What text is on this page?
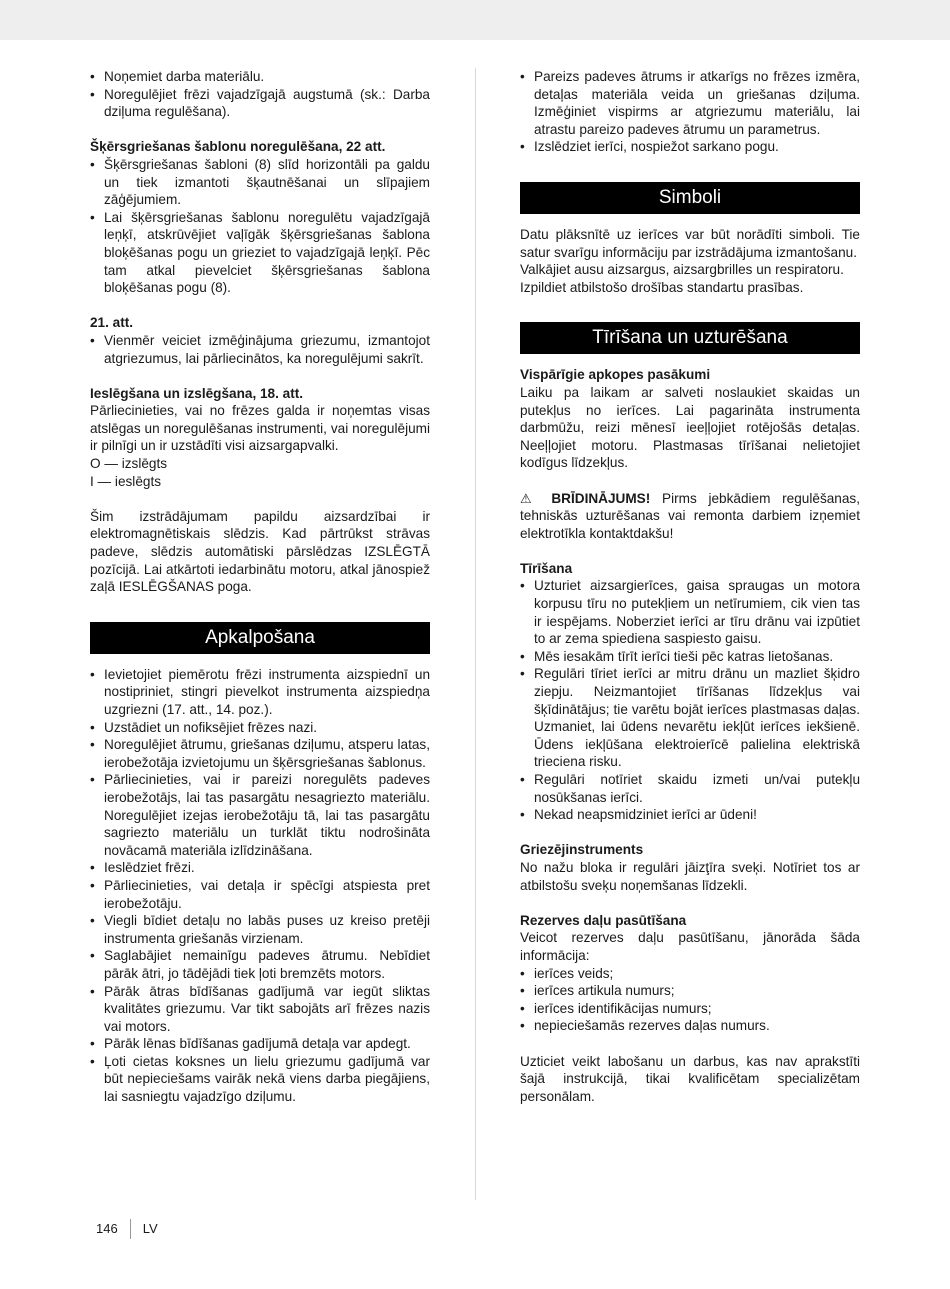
• Noņemiet darba materiālu.
• Noregulējiet frēzi vajadzīgajā augstumā (sk.: Darba dziļuma regulēšana).

Šķērsgriešanas šablonu noregulēšana, 22 att.

• Šķērsgriešanas šabloni (8) slīd horizontāli pa galdu un tiek izmantoti šķautnēšanai un slīpajiem zāģējumiem.
• Lai šķērsgriešanas šablonu noregulētu vajadzīgajā leņķī, atskrūvējiet vaļīgāk šķērsgriešanas šablona bloķēšanas pogu un grieziet to vajadzīgajā leņķī. Pēc tam atkal pievelciet šķērsgriešanas šablona bloķēšanas pogu (8).

21. att.

• Vienmēr veiciet izmēģinājuma griezumu, izmantojot atgriezumus, lai pārliecinātos, ka noregulējumi sakrīt.

Ieslēgšana un izslēgšana, 18. att.

Pārliecinieties, vai no frēzes galda ir noņemtas visas atslēgas un noregulēšanas instrumenti, vai noregulējumi ir pilnīgi un ir uzstādīti visi aizsargapvalki.

O — izslēgts

I — ieslēgts

Šim izstrādājumam papildu aizsardzībai ir elektromagnētiskais slēdzis. Kad pārtrūkst strāvas padeve, slēdzis automātiski pārslēdzas IZSLĒGTĀ pozīcijā. Lai atkārtoti iedarbinātu motoru, atkal jānospiež zaļā IESLĒGŠANAS poga.

Apkalpošana
• Ievietojiet piemērotu frēzi instrumenta aizspiednī un nostipriniet, stingri pievelkot instrumenta aizspiedņa uzgriezni (17. att., 14. poz.).
• Uzstādiet un nofiksējiet frēzes nazi.
• Noregulējiet ātrumu, griešanas dziļumu, atsperu latas, ierobežotāja izvietojumu un šķērsgriešanas šablonus.
• Pārliecinieties, vai ir pareizi noregulēts padeves ierobežotājs, lai tas pasargātu nesagriezto materiālu. Noregulējiet izejas ierobežotāju tā, lai tas pasargātu sagriezto materiālu un turklāt tiktu nodrošināta novācamā materiāla izlīdzināšana.
• Ieslēdziet frēzi.
• Pārliecinieties, vai detaļa ir spēcīgi atspiesta pret ierobežotāju.
• Viegli bīdiet detaļu no labās puses uz kreiso pretēji instrumenta griešanās virzienam.
• Saglabājiet nemainīgu padeves ātrumu. Nebīdiet pārāk ātri, jo tādējādi tiek ļoti bremzēts motors.
• Pārāk ātras bīdīšanas gadījumā var iegūt sliktas kvalitātes griezumu. Var tikt sabojāts arī frēzes nazis vai motors.
• Pārāk lēnas bīdīšanas gadījumā detaļa var apdegt.
• Ļoti cietas koksnes un lielu griezumu gadījumā var būt nepieciešams vairāk nekā viens darba piegājiens, lai sasniegtu vajadzīgo dziļumu.
• Pareizs padeves ātrums ir atkarīgs no frēzes izmēra, detaļas materiāla veida un griešanas dziļuma. Izmēģiniet vispirms ar atgriezumu materiālu, lai atrastu pareizo padeves ātrumu un parametrus.
• Izslēdziet ierīci, nospiežot sarkano pogu.
Simboli

Datu plāksnītē uz ierīces var būt norādīti simboli. Tie satur svarīgu informāciju par izstrādājuma izmantošanu.

Valkājiet ausu aizsargus, aizsargbrilles un respiratoru.

Izpildiet atbilstošo drošības standartu prasības.

Tīrīšana un uzturēšana

Vispārīgie apkopes pasākumi

Laiku pa laikam ar salveti noslaukiet skaidas un putekļus no ierīces. Lai pagarināta instrumenta darbmūžu, reizi mēnesī ieeļļojiet rotējošās detaļas. Neeļļojiet motoru. Plastmasas tīrīšanai nelietojiet kodīgus līdzekļus.

⚠ BRĪDINĀJUMS! Pirms jebkādiem regulēšanas, tehniskās uzturēšanas vai remonta darbiem izņemiet elektrotīkla kontaktdakšu!

Tīrīšana

• Uzturiet aizsargierīces, gaisa spraugas un motora korpusu tīru no putekļiem un netīrumiem, cik vien tas ir iespējams. Noberziet ierīci ar tīru drānu vai izpūtiet to ar zema spiediena saspiesto gaisu.
• Mēs iesakām tīrīt ierīci tieši pēc katras lietošanas.
• Regulāri tīriet ierīci ar mitru drānu un mazliet šķidro ziepju. Neizmantojiet tīrīšanas līdzekļus vai šķīdinātājus; tie varētu bojāt ierīces plastmasas daļas. Uzmaniet, lai ūdens nevarētu iekļūt ierīces iekšienē. Ūdens iekļūšana elektroierīcē palielina elektriskā trieciena risku.
• Regulāri notīriet skaidu izmeti un/vai putekļu nosūkšanas ierīci.
• Nekad neapsmidziniet ierīci ar ūdeni!

Griezējinstruments

No nažu bloka ir regulāri jāizţīra sveķi. Notīriet tos ar atbilstošu sveķu noņemšanas līdzekli.

Rezerves daļu pasūtīšana

Veicot rezerves daļu pasūtīšanu, jānorāda šāda informācija:

• ierīces veids;
• ierīces artikula numurs;
• ierīces identifikācijas numurs;
• nepieciešamās rezerves daļas numurs.

Uzticiet veikt labošanu un darbus, kas nav aprakstīti šajā instrukcijā, tikai kvalificētam specializētam personālam.

146 LV
